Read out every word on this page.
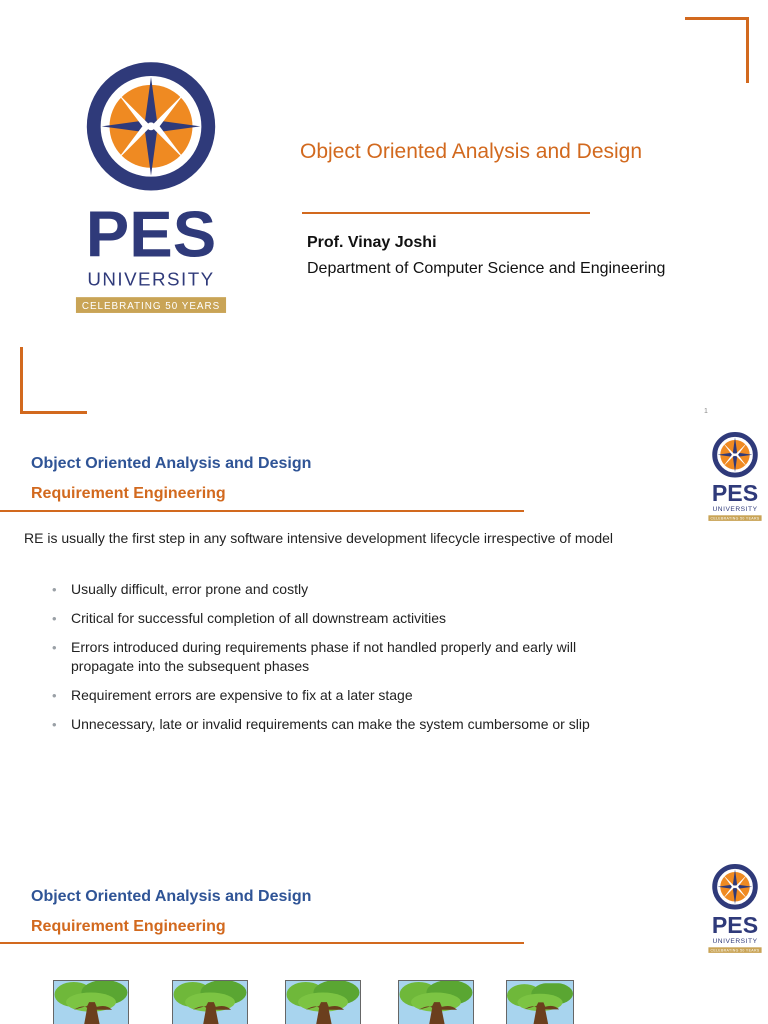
Object Oriented Analysis and Design
Prof. Vinay Joshi
Department of Computer Science and Engineering
1
Object Oriented Analysis and Design
Requirement Engineering
RE is usually the first step in any software intensive development lifecycle irrespective of model
• Usually difficult, error prone and costly
• Critical for successful completion of all downstream activities
• Errors introduced during requirements phase if not handled properly and early will propagate into the subsequent phases
• Requirement errors are expensive to fix at a later stage
• Unnecessary, late or invalid requirements can make the system cumbersome or slip
Object Oriented Analysis and Design
Requirement Engineering
